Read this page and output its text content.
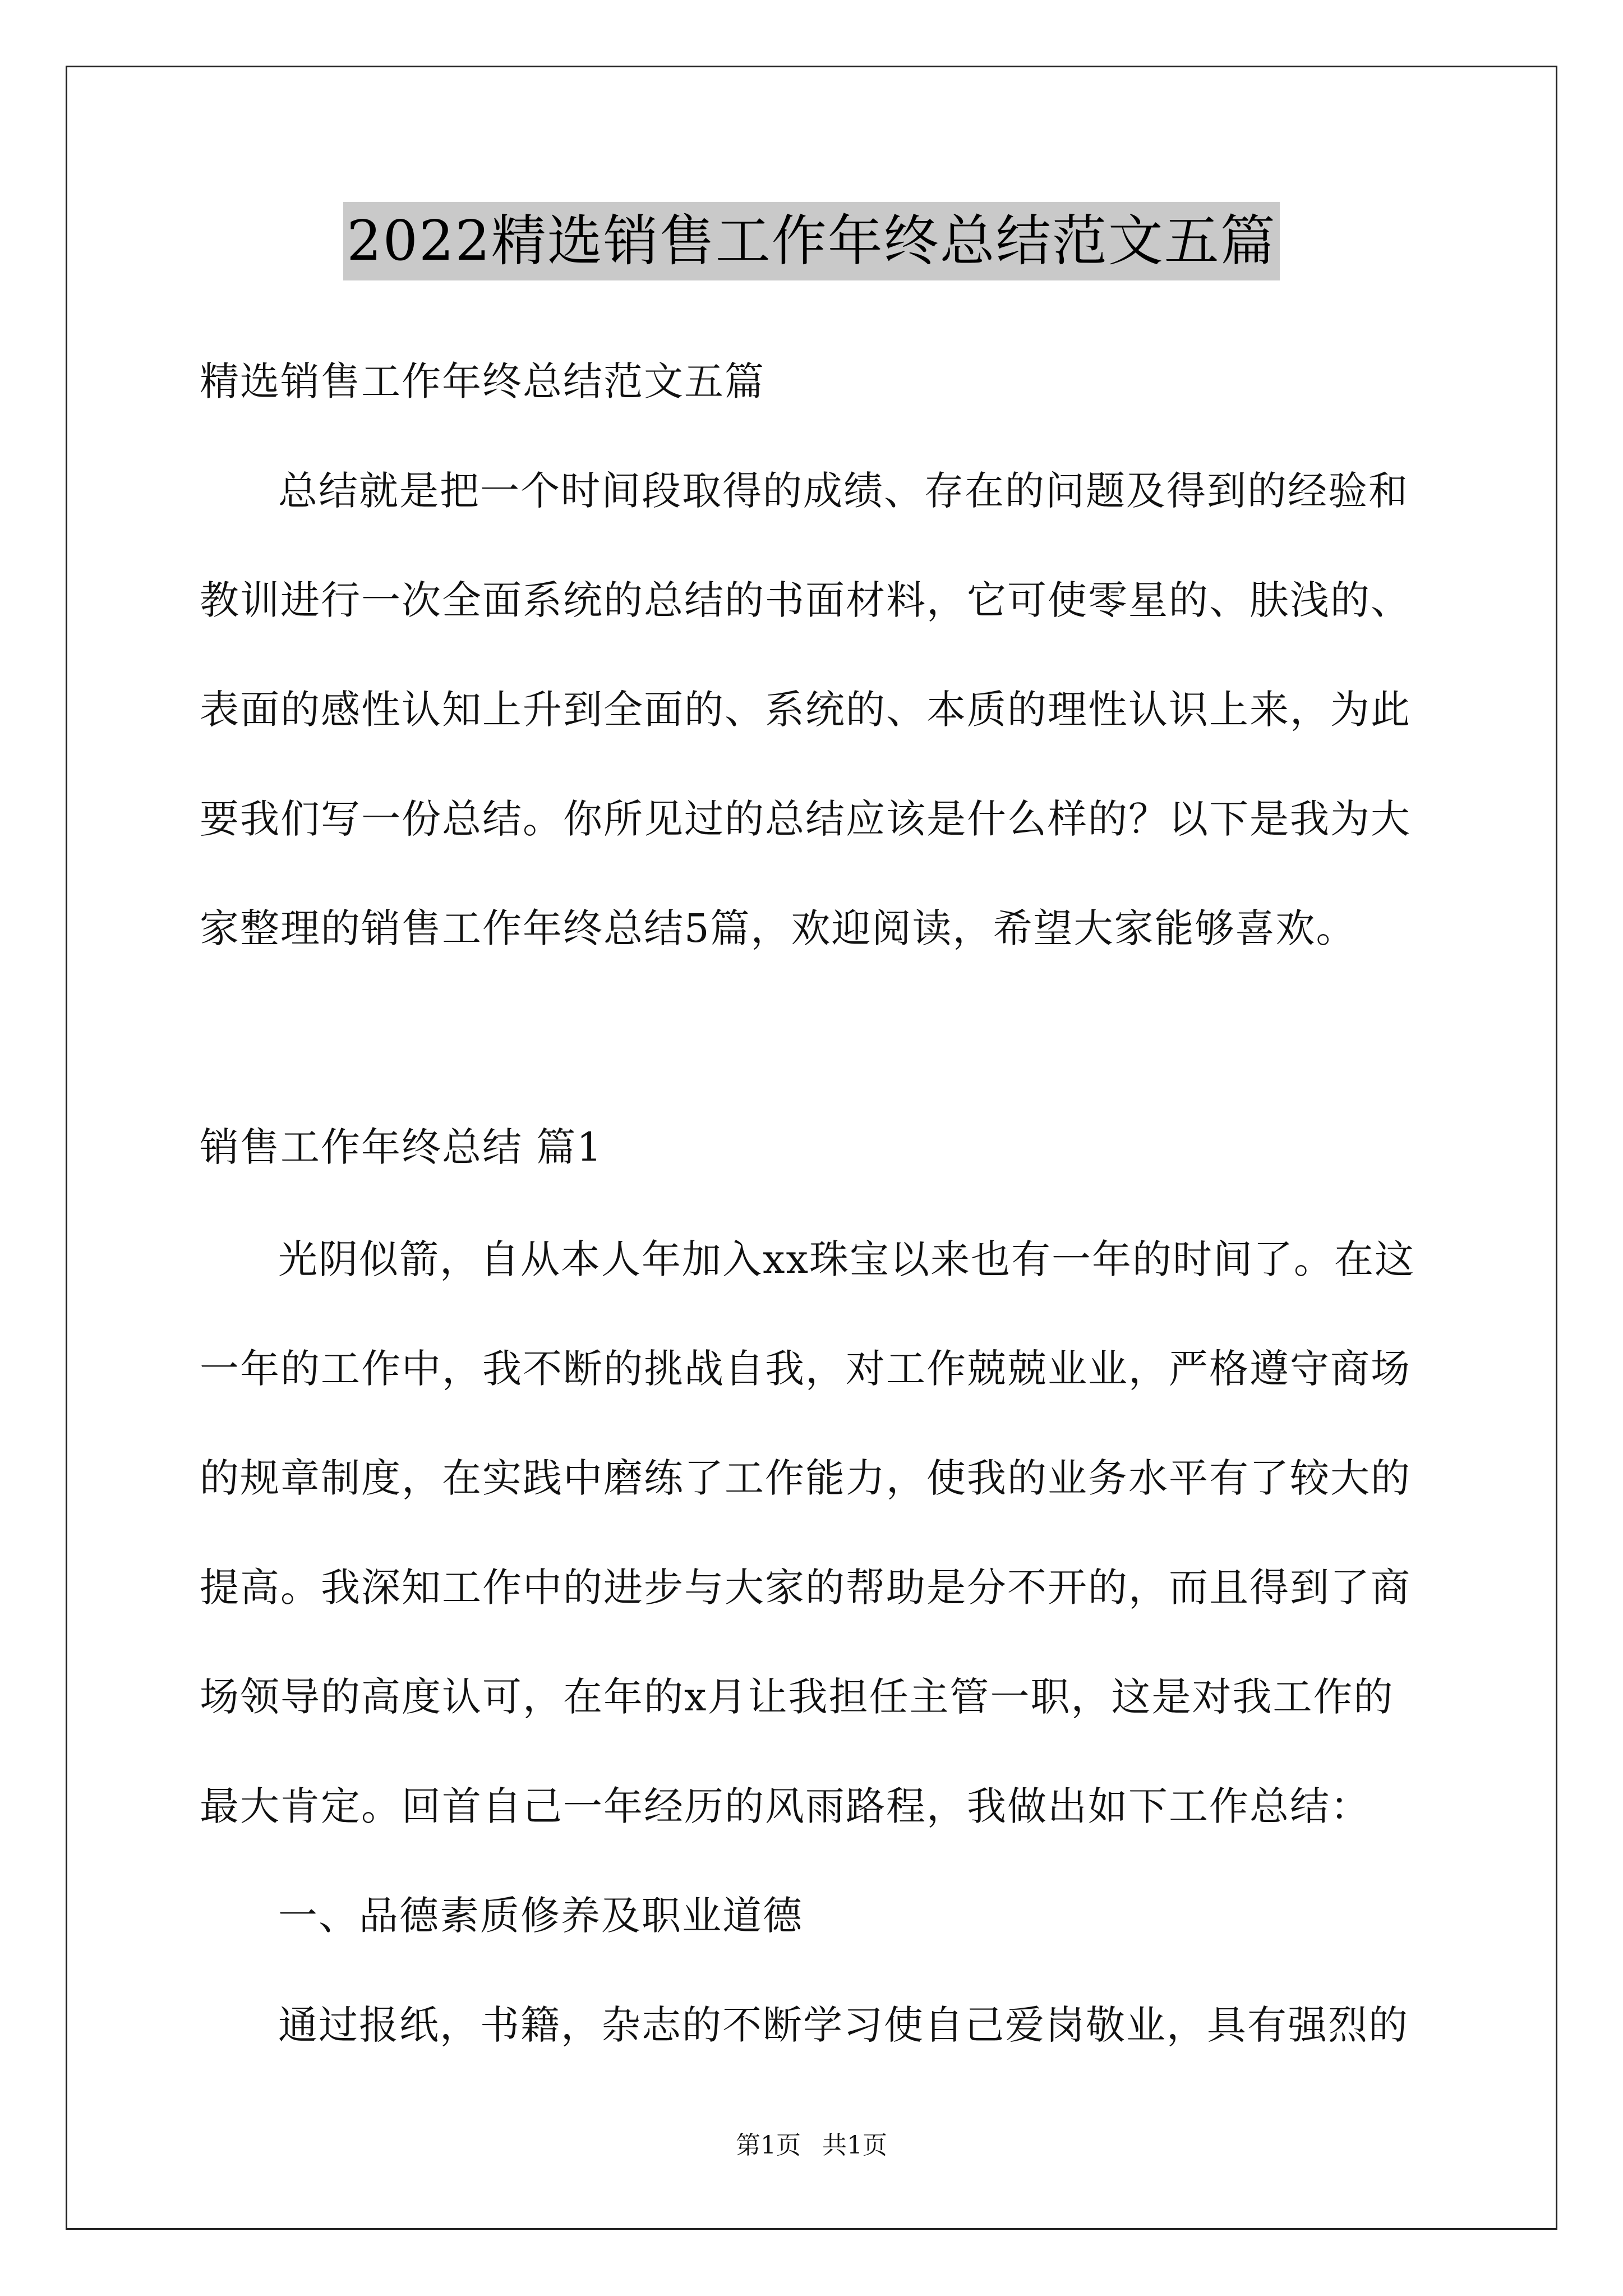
2022精选销售工作年终总结范文五篇
精选销售工作年终总结范文五篇
总结就是把一个时间段取得的成绩、存在的问题及得到的经验和
教训进行一次全面系统的总结的书面材料，它可使零星的、肤浅的、
表面的感性认知上升到全面的、系统的、本质的理性认识上来，为此
要我们写一份总结。你所见过的总结应该是什么样的？以下是我为大
家整理的销售工作年终总结5篇，欢迎阅读，希望大家能够喜欢。
销售工作年终总结 篇1
光阴似箭，自从本人年加入xx珠宝以来也有一年的时间了。在这
一年的工作中，我不断的挑战自我，对工作兢兢业业，严格遵守商场
的规章制度，在实践中磨练了工作能力，使我的业务水平有了较大的
提高。我深知工作中的进步与大家的帮助是分不开的，而且得到了商
场领导的高度认可，在年的x月让我担任主管一职，这是对我工作的
最大肯定。回首自己一年经历的风雨路程，我做出如下工作总结：
一、品德素质修养及职业道德
通过报纸，书籍，杂志的不断学习使自己爱岗敬业，具有强烈的
第1页 共1页
